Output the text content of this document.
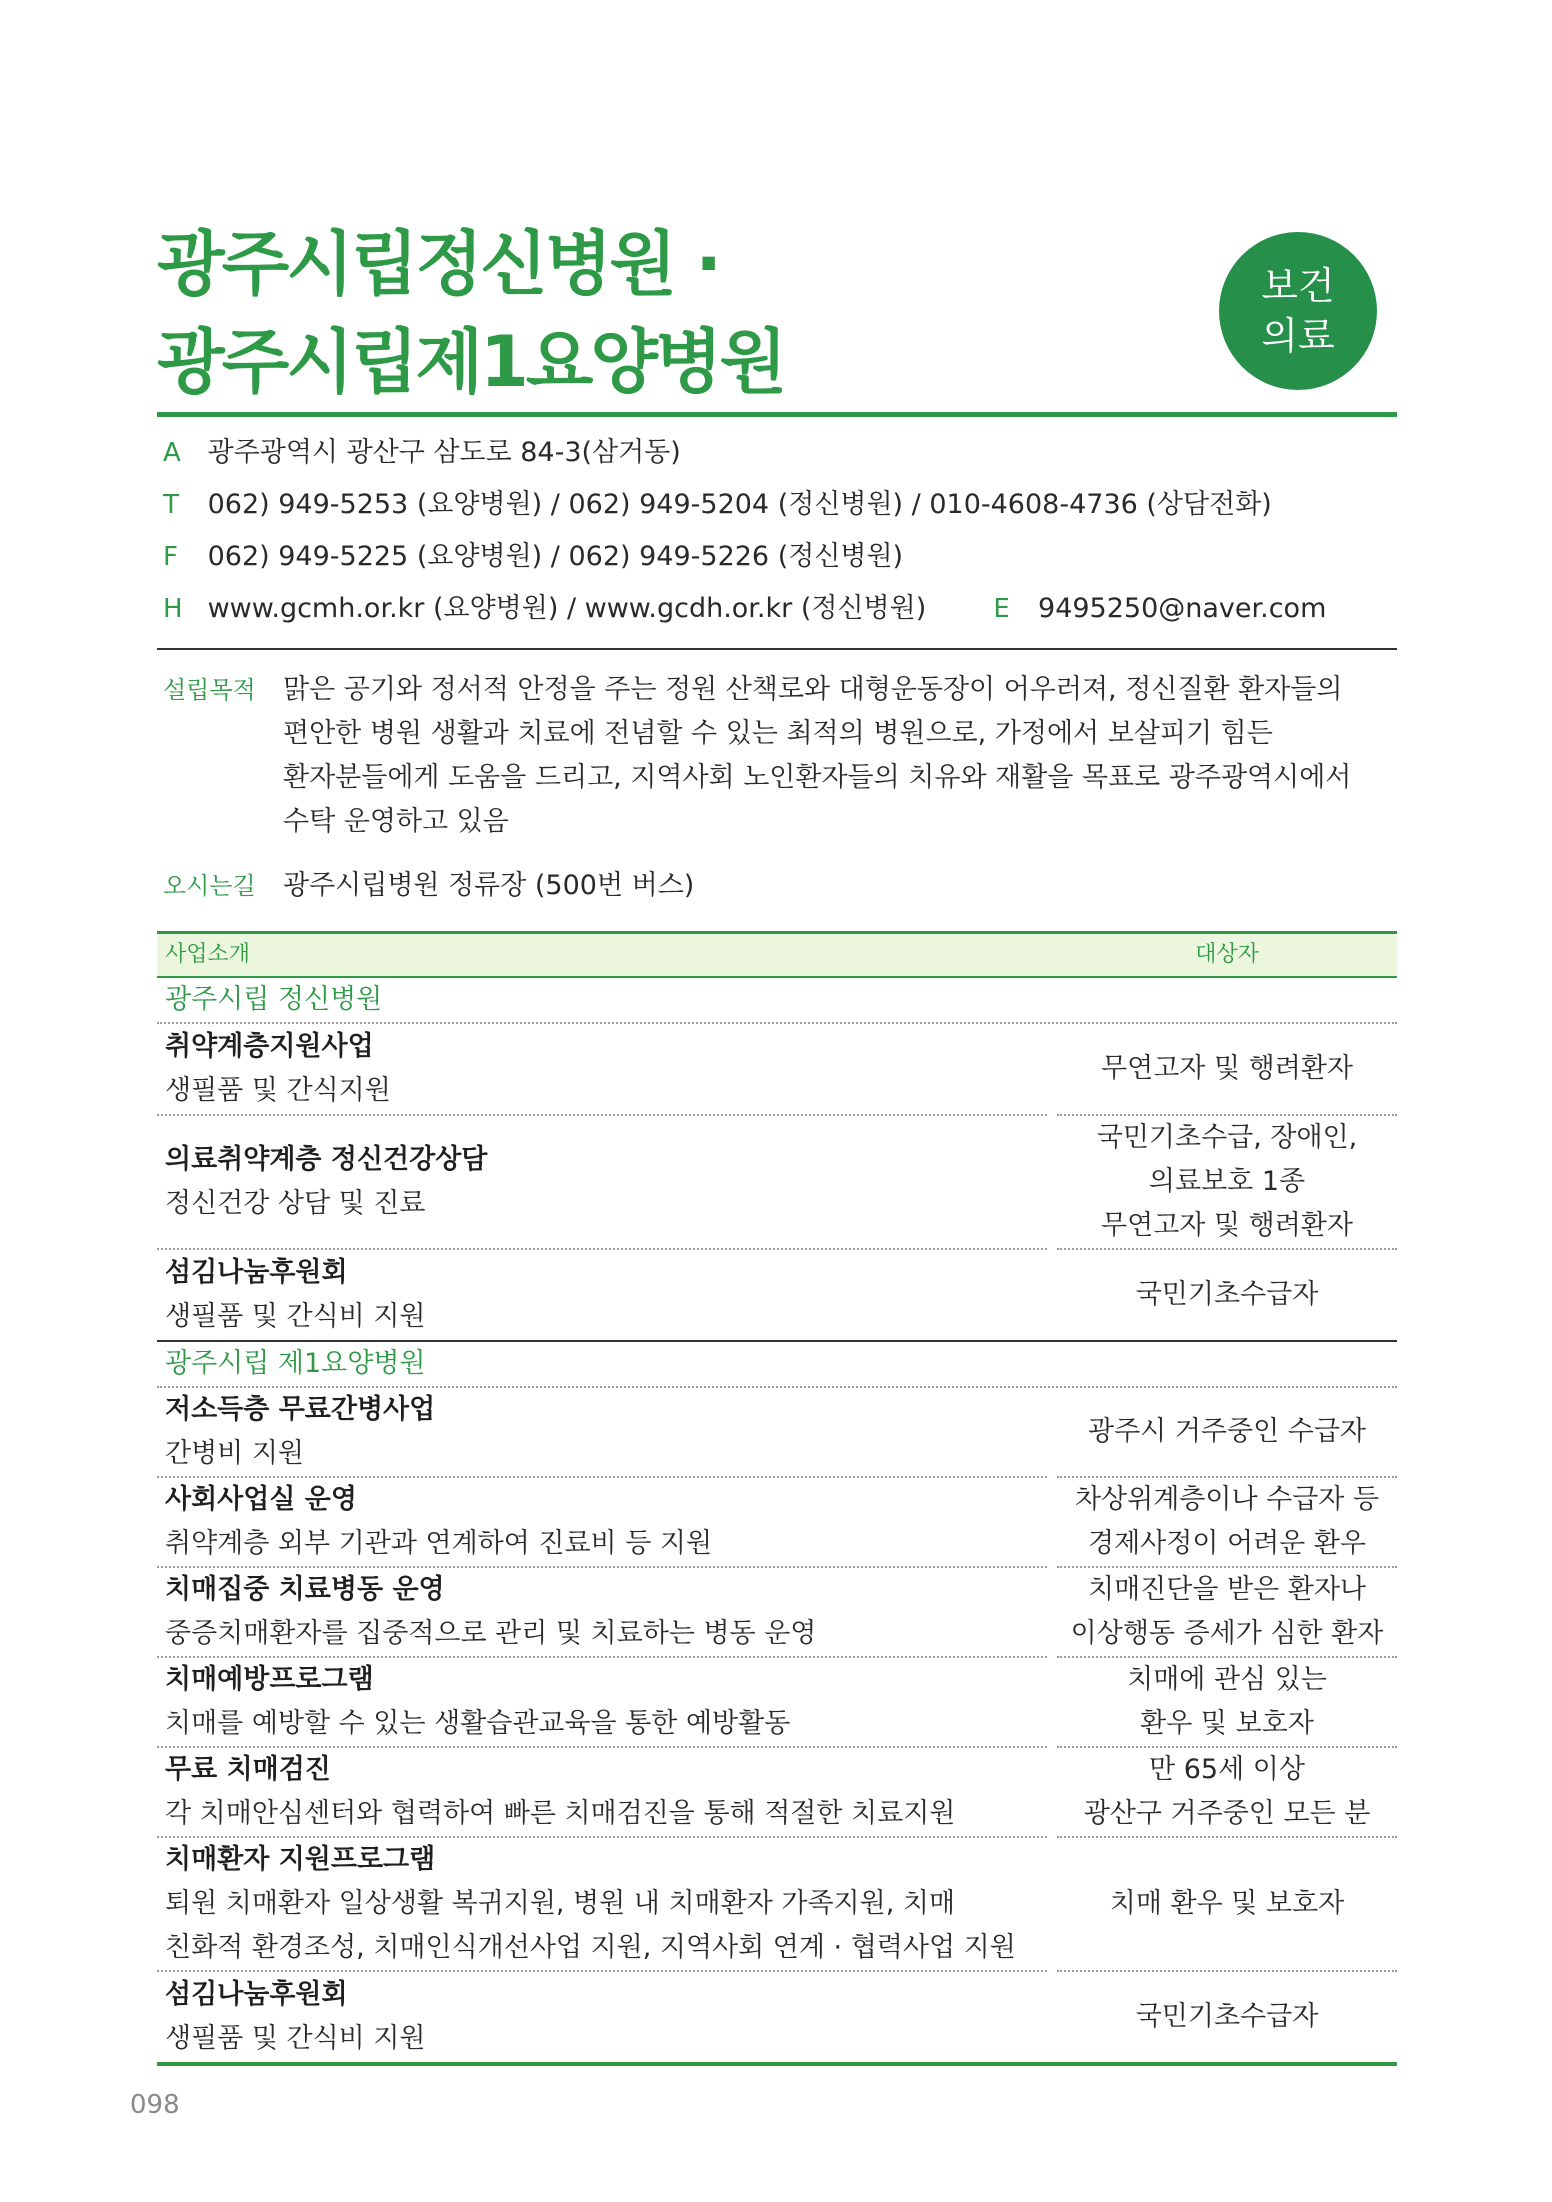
광주시립정신병원 ·
광주시립제1요양병원
보건
의료
A 광주광역시 광산구 삼도로 84-3(삼거동)
T 062) 949-5253 (요양병원) / 062) 949-5204 (정신병원) / 010-4608-4736 (상담전화)
F 062) 949-5225 (요양병원) / 062) 949-5226 (정신병원)
H www.gcmh.or.kr (요양병원) / www.gcdh.or.kr (정신병원)	E 9495250@naver.com
설립목적 맑은 공기와 정서적 안정을 주는 정원 산책로와 대형운동장이 어우러져, 정신질환 환자들의
편안한 병원 생활과 치료에 전념할 수 있는 최적의 병원으로, 가정에서 보살피기 힘든
환자분들에게 도움을 드리고, 지역사회 노인환자들의 치유와 재활을 목표로 광주광역시에서
수탁 운영하고 있음
오시는길 광주시립병원 정류장 (500번 버스)
사업소개	대상자
광주시립 정신병원
취약계층지원사업
생필품 및 간식지원
무연고자 및 행려환자
의료취약계층 정신건강상담
정신건강 상담 및 진료
국민기초수급, 장애인,
의료보호 1종
무연고자 및 행려환자
섬김나눔후원회
생필품 및 간식비 지원
국민기초수급자
광주시립 제1요양병원
저소득층 무료간병사업
간병비 지원
광주시 거주중인 수급자
사회사업실 운영
취약계층 외부 기관과 연계하여 진료비 등 지원
차상위계층이나 수급자 등
경제사정이 어려운 환우
치매집중 치료병동 운영
중증치매환자를 집중적으로 관리 및 치료하는 병동 운영
치매진단을 받은 환자나
이상행동 증세가 심한 환자
치매예방프로그램
치매를 예방할 수 있는 생활습관교육을 통한 예방활동
치매에 관심 있는
환우 및 보호자
무료 치매검진
각 치매안심센터와 협력하여 빠른 치매검진을 통해 적절한 치료지원
만 65세 이상
광산구 거주중인 모든 분
치매환자 지원프로그램
퇴원 치매환자 일상생활 복귀지원, 병원 내 치매환자 가족지원, 치매
친화적 환경조성, 치매인식개선사업 지원, 지역사회 연계 · 협력사업 지원
치매 환우 및 보호자
섬김나눔후원회
생필품 및 간식비 지원
국민기초수급자
098
